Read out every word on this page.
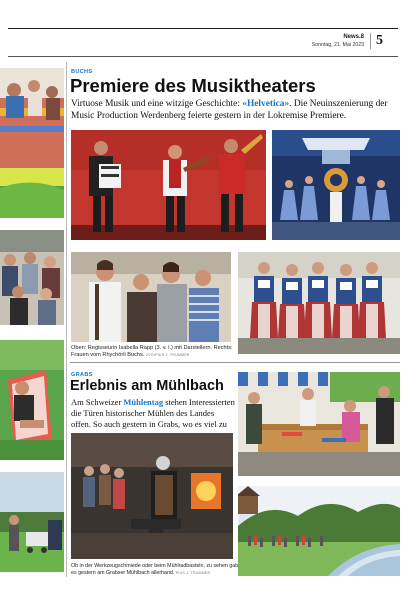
News.8
Sonntag, 21. Mai 2023 5
BUCHS
Premiere des Musiktheaters
Virtuose Musik und eine witzige Geschichte: «Helvetica». Die Neuinszenierung der Music Production Werdenberg feierte gestern in der Lokremise Premiere.
Oben: Regisseurin Isabella Rapp (3. v. l.) mit Darstellern. Rechts: Frauen vom Rhychörli Buchs. ZVG/PIUS J. TRUMMER
GRABS
Erlebnis am Mühlbach
Am Schweizer Mühlentag stehen Interessierten die Türen historischer Mühlen des Landes offen. So auch gestern in Grabs, wo es viel zu
Ob in der Werkzeugschmiede oder beim Mühlradbasteln, zu sehen gab es gestern am Grabser Mühlbach allerhand. PIUS J. TRUMMER
